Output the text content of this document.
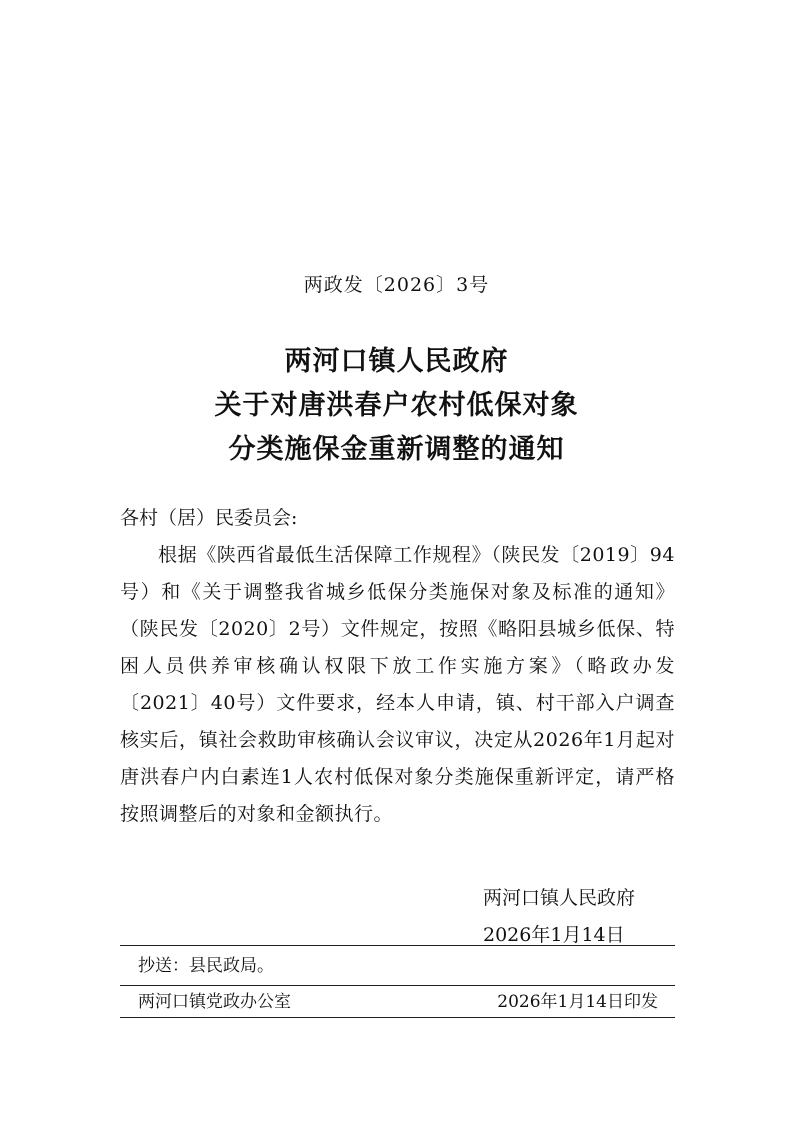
两政发〔2026〕3号
两河口镇人民政府
关于对唐洪春户农村低保对象
分类施保金重新调整的通知
各村（居）民委员会:
根据《陕西省最低生活保障工作规程》（陕民发〔2019〕94号）和《关于调整我省城乡低保分类施保对象及标准的通知》（陕民发〔2020〕2号）文件规定，按照《略阳县城乡低保、特困人员供养审核确认权限下放工作实施方案》（略政办发〔2021〕40号）文件要求，经本人申请，镇、村干部入户调查核实后，镇社会救助审核确认会议审议，决定从2026年1月起对唐洪春户内白素连1人农村低保对象分类施保重新评定，请严格按照调整后的对象和金额执行。
两河口镇人民政府
2026年1月14日
抄送：县民政局。
两河口镇党政办公室	2026年1月14日印发
